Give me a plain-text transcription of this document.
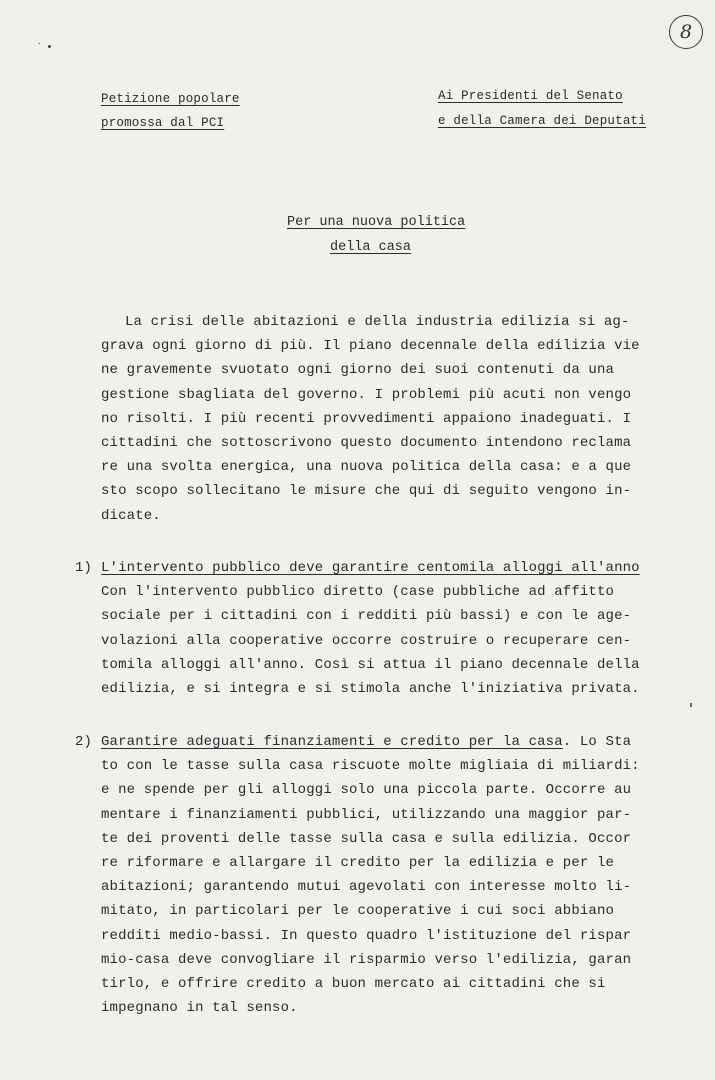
8
Petizione popolare
promossa dal PCI
Ai Presidenti del Senato
e della Camera dei Deputati
Per una nuova politica
della casa
La crisi delle abitazioni e della industria edilizia si ag-
grava ogni giorno di più. Il piano decennale della edilizia vie
ne gravemente svuotato ogni giorno dei suoi contenuti da una
gestione sbagliata del governo. I problemi più acuti non vengo
no risolti. I più recenti provvedimenti appaiono inadeguati. I
cittadini che sottoscrivono questo documento intendono reclama
re una svolta energica, una nuova politica della casa: e a que
sto scopo sollecitano le misure che qui di seguito vengono in-
dicate.
1) L'intervento pubblico deve garantire centomila alloggi all'anno
Con l'intervento pubblico diretto (case pubbliche ad affitto
sociale per i cittadini con i redditi più bassi) e con le age-
volazioni alla cooperative occorre costruire o recuperare cen-
tomila alloggi all'anno. Così si attua il piano decennale della
edilizia, e si integra e si stimola anche l'iniziativa privata.
2) Garantire adeguati finanziamenti e credito per la casa. Lo Sta
to con le tasse sulla casa riscuote molte migliaia di miliardi:
e ne spende per gli alloggi solo una piccola parte. Occorre au
mentare i finanziamenti pubblici, utilizzando una maggior par-
te dei proventi delle tasse sulla casa e sulla edilizia. Occor
re riformare e allargare il credito per la edilizia e per le
abitazioni; garantendo mutui agevolati con interesse molto li-
mitato, in particolari per le cooperative i cui soci abbiano
redditi medio-bassi. In questo quadro l'istituzione del rispar
mio-casa deve convogliare il risparmio verso l'edilizia, garan
tirlo, e offrire credito a buon mercato ai cittadini che si
impegnano in tal senso.
